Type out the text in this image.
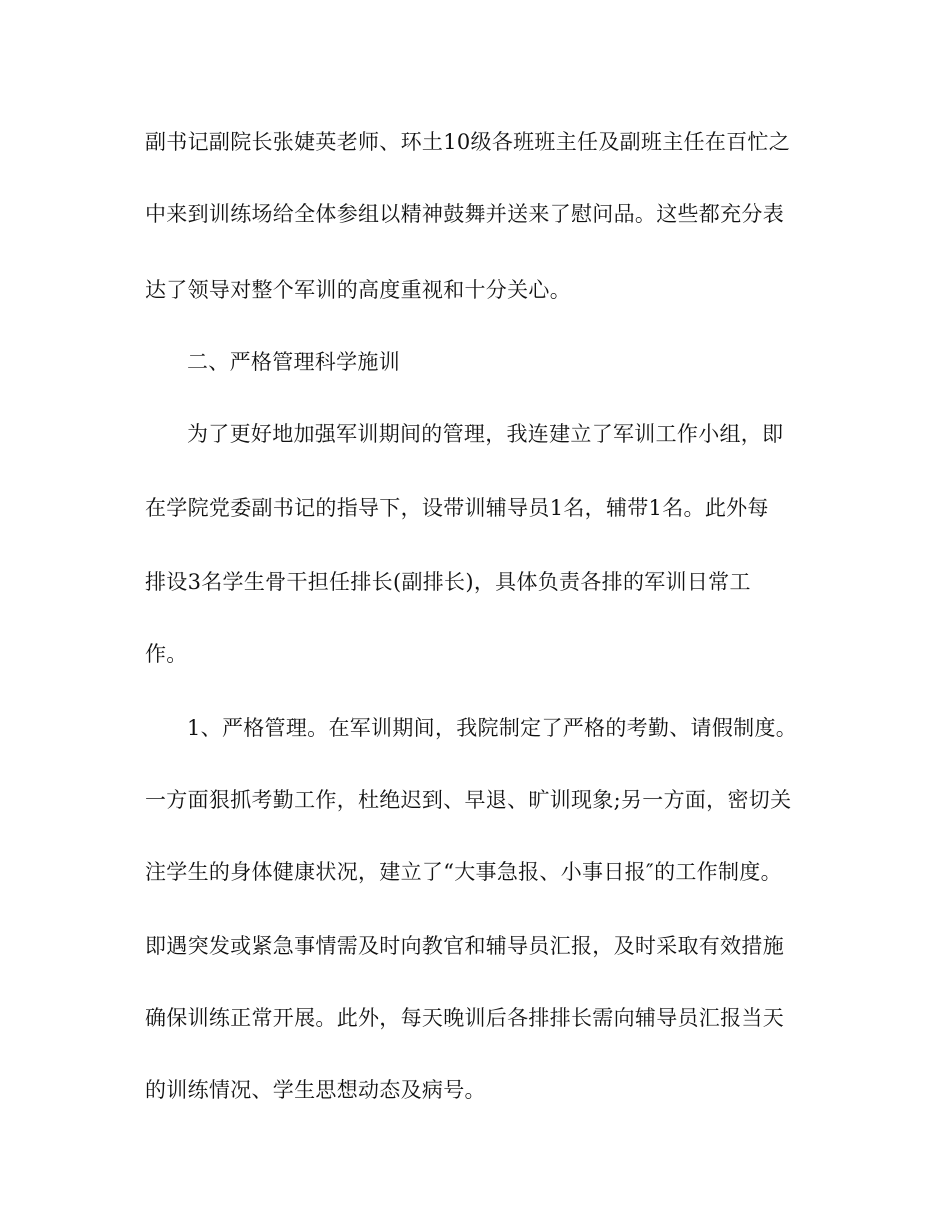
副书记副院长张婕英老师、环土10级各班班主任及副班主任在百忙之
中来到训练场给全体参组以精神鼓舞并送来了慰问品。这些都充分表
达了领导对整个军训的高度重视和十分关心。
二、严格管理科学施训
为了更好地加强军训期间的管理，我连建立了军训工作小组，即
在学院党委副书记的指导下，设带训辅导员1名，辅带1名。此外每
排设3名学生骨干担任排长(副排长)，具体负责各排的军训日常工
作。
1、严格管理。在军训期间，我院制定了严格的考勤、请假制度。
一方面狠抓考勤工作，杜绝迟到、早退、旷训现象;另一方面，密切关
注学生的身体健康状况，建立了“大事急报、小事日报″的工作制度。
即遇突发或紧急事情需及时向教官和辅导员汇报，及时采取有效措施
确保训练正常开展。此外，每天晚训后各排排长需向辅导员汇报当天
的训练情况、学生思想动态及病号。
